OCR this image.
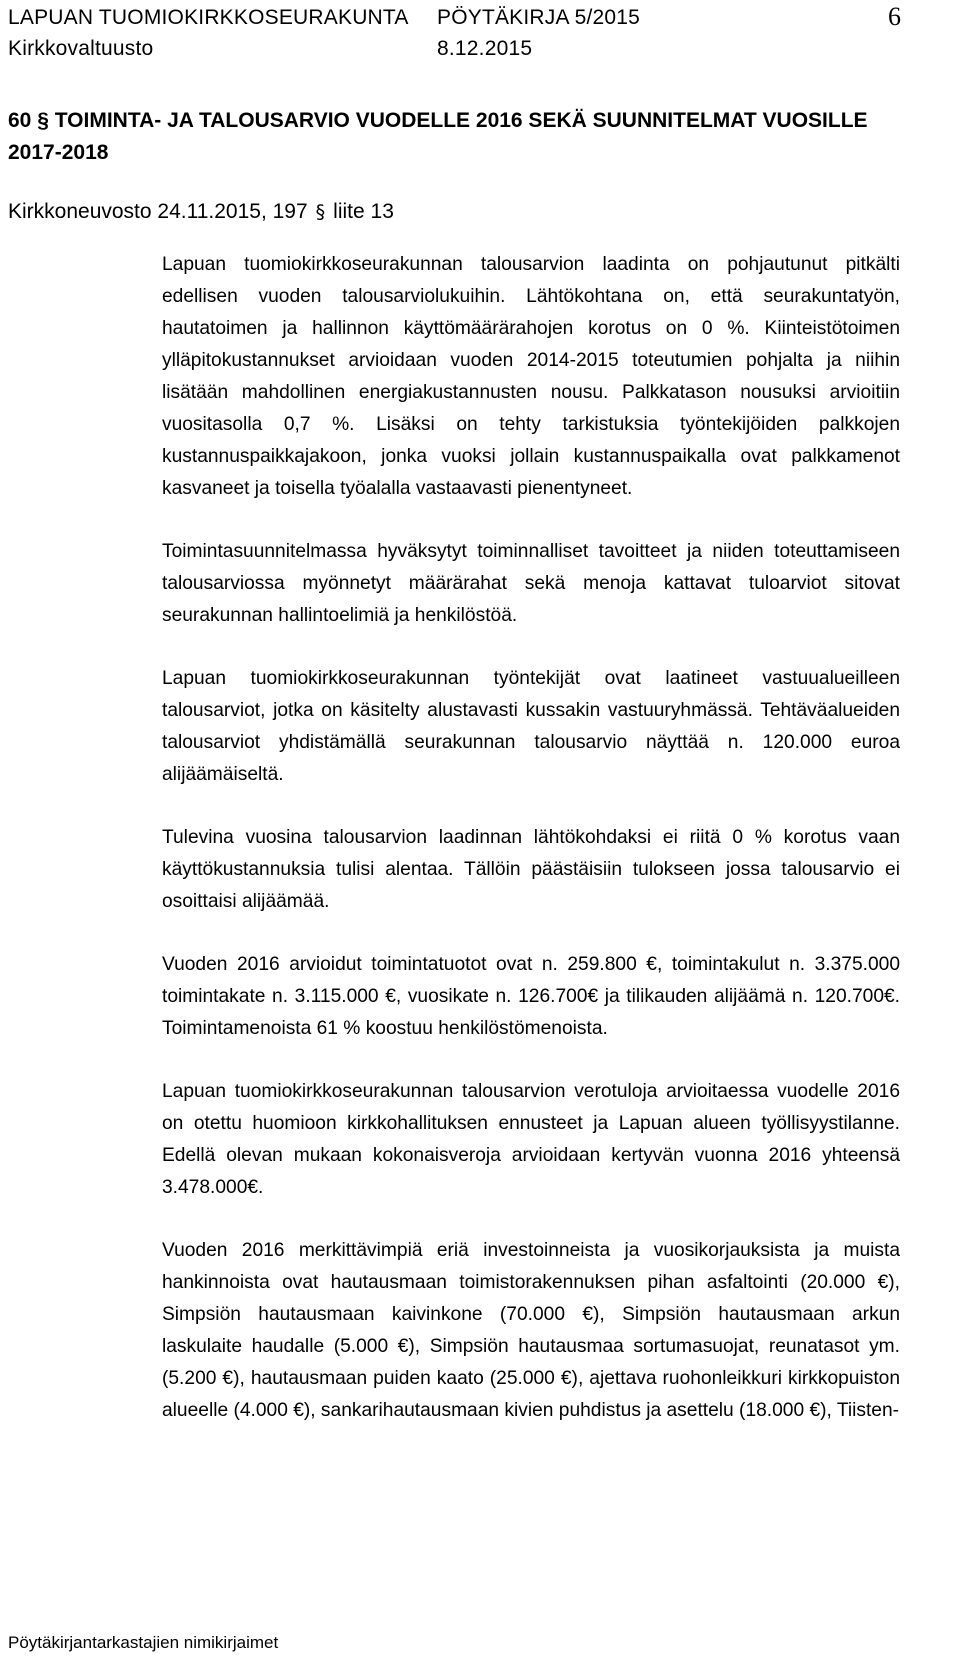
LAPUAN TUOMIOKIRKKOSEURAKUNTA PÖYTÄKIRJA 5/2015	6
Kirkkovaltuusto	8.12.2015
60 § TOIMINTA- JA TALOUSARVIO VUODELLE 2016 SEKÄ SUUNNITELMAT VUOSILLE 2017-2018
Kirkkoneuvosto 24.11.2015, 197 § liite 13

Lapuan tuomiokirkkoseurakunnan talousarvion laadinta on pohjautunut pitkälti edellisen vuoden talousarviolukuihin. Lähtökohtana on, että seurakuntatyön, hautatoimen ja hallinnon käyttömäärärahojen korotus on 0 %. Kiinteistötoimen ylläpitokustannukset arvioidaan vuoden 2014-2015 toteutumien pohjalta ja niihin lisätään mahdollinen energiakustannusten nousu. Palkkatason nousuksi arvioitiin vuositasolla 0,7 %. Lisäksi on tehty tarkistuksia työntekijöiden palkkojen kustannuspaikkajakoon, jonka vuoksi jollain kustannuspaikalla ovat palkkamenot kasvaneet ja toisella työalalla vastaavasti pienentyneet.

Toimintasuunnitelmassa hyväksytyt toiminnalliset tavoitteet ja niiden toteuttamiseen talousarviossa myönnetyt määrärahat sekä menoja kattavat tuloarviot sitovat seurakunnan hallintoelimiä ja henkilöstöä.

Lapuan tuomiokirkkoseurakunnan työntekijät ovat laatineet vastuualueilleen talousarviot, jotka on käsitelty alustavasti kussakin vastuuryhmässä. Tehtäväalueiden talousarviot yhdistämällä seurakunnan talousarvio näyttää n. 120.000 euroa alijäämäiseltä.

Tulevina vuosina talousarvion laadinnan lähtökohdaksi ei riitä 0 % korotus vaan käyttökustannuksia tulisi alentaa. Tällöin päästäisiin tulokseen jossa talousarvio ei osoittaisi alijäämää.

Vuoden 2016 arvioidut toimintatuotot ovat n. 259.800 €, toimintakulut n. 3.375.000 toimintakate n. 3.115.000 €, vuosikate n. 126.700€ ja tilikauden alijäämä n. 120.700€. Toimintamenoista 61 % koostuu henkilöstömenoista.

Lapuan tuomiokirkkoseurakunnan talousarvion verotuloja arvioitaessa vuodelle 2016 on otettu huomioon kirkkohallituksen ennusteet ja Lapuan alueen työllisyystilanne. Edellä olevan mukaan kokonaisveroja arvioidaan kertyvän vuonna 2016 yhteensä 3.478.000€.

Vuoden 2016 merkittävimpiä eriä investoinneista ja vuosikorjauksista ja muista hankinnoista ovat hautausmaan toimistorakennuksen pihan asfaltointi (20.000 €), Simpsiön hautausmaan kaivinkone (70.000 €), Simpsiön hautausmaan arkun laskulaite haudalle (5.000 €), Simpsiön hautausmaa sortumasuojat, reunatasot ym. (5.200 €), hautausmaan puiden kaato (25.000 €), ajettava ruohonleikkuri kirkkopuiston alueelle (4.000 €), sankarihautausmaan kivien puhdistus ja asettelu (18.000 €), Tiisten-

Pöytäkirjantarkastajien nimikirjaimet
